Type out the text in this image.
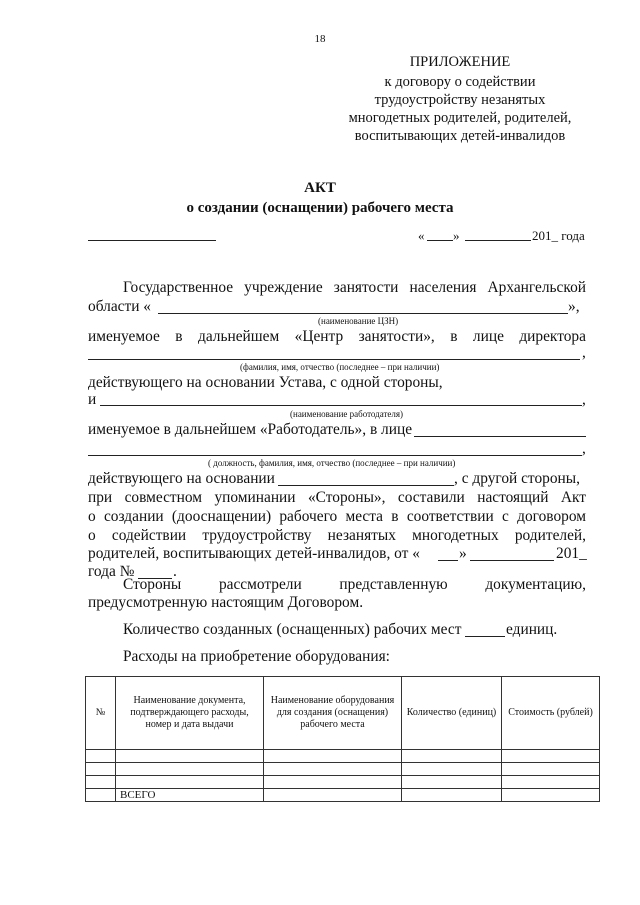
18
ПРИЛОЖЕНИЕ
к договору о содействии
трудоустройству незанятых
многодетных родителей, родителей,
воспитывающих детей-инвалидов
АКТ
о создании (оснащении) рабочего места
« »	201_ года
Государственное учреждение занятости населения Архангельской
области «	»,
(наименование ЦЗН)
именуемое в дальнейшем «Центр занятости», в лице директора
,
(фамилия, имя, отчество (последнее – при наличии)
действующего на основании Устава, с одной стороны,
и	,
(наименование работодателя)
именуемое в дальнейшем «Работодатель», в лице
,
( должность, фамилия, имя, отчество (последнее – при наличии)
действующего на основании	, с другой стороны,
при совместном упоминании «Стороны», составили настоящий Акт
о создании (дооснащении) рабочего места в соответствии с договором
о содействии трудоустройству незанятых многодетных родителей,
родителей, воспитывающих детей-инвалидов, от «	»	201_
года №	.
Стороны рассмотрели представленную документацию,
предусмотренную настоящим Договором.
Количество созданных (оснащенных) рабочих мест	единиц.
Расходы на приобретение оборудования:
№	Наименование документа, подтверждающего расходы, номер и дата выдачи	Наименование оборудования для создания (оснащения) рабочего места	Количество (единиц)	Стоимость (рублей)

	ВСЕГО			
